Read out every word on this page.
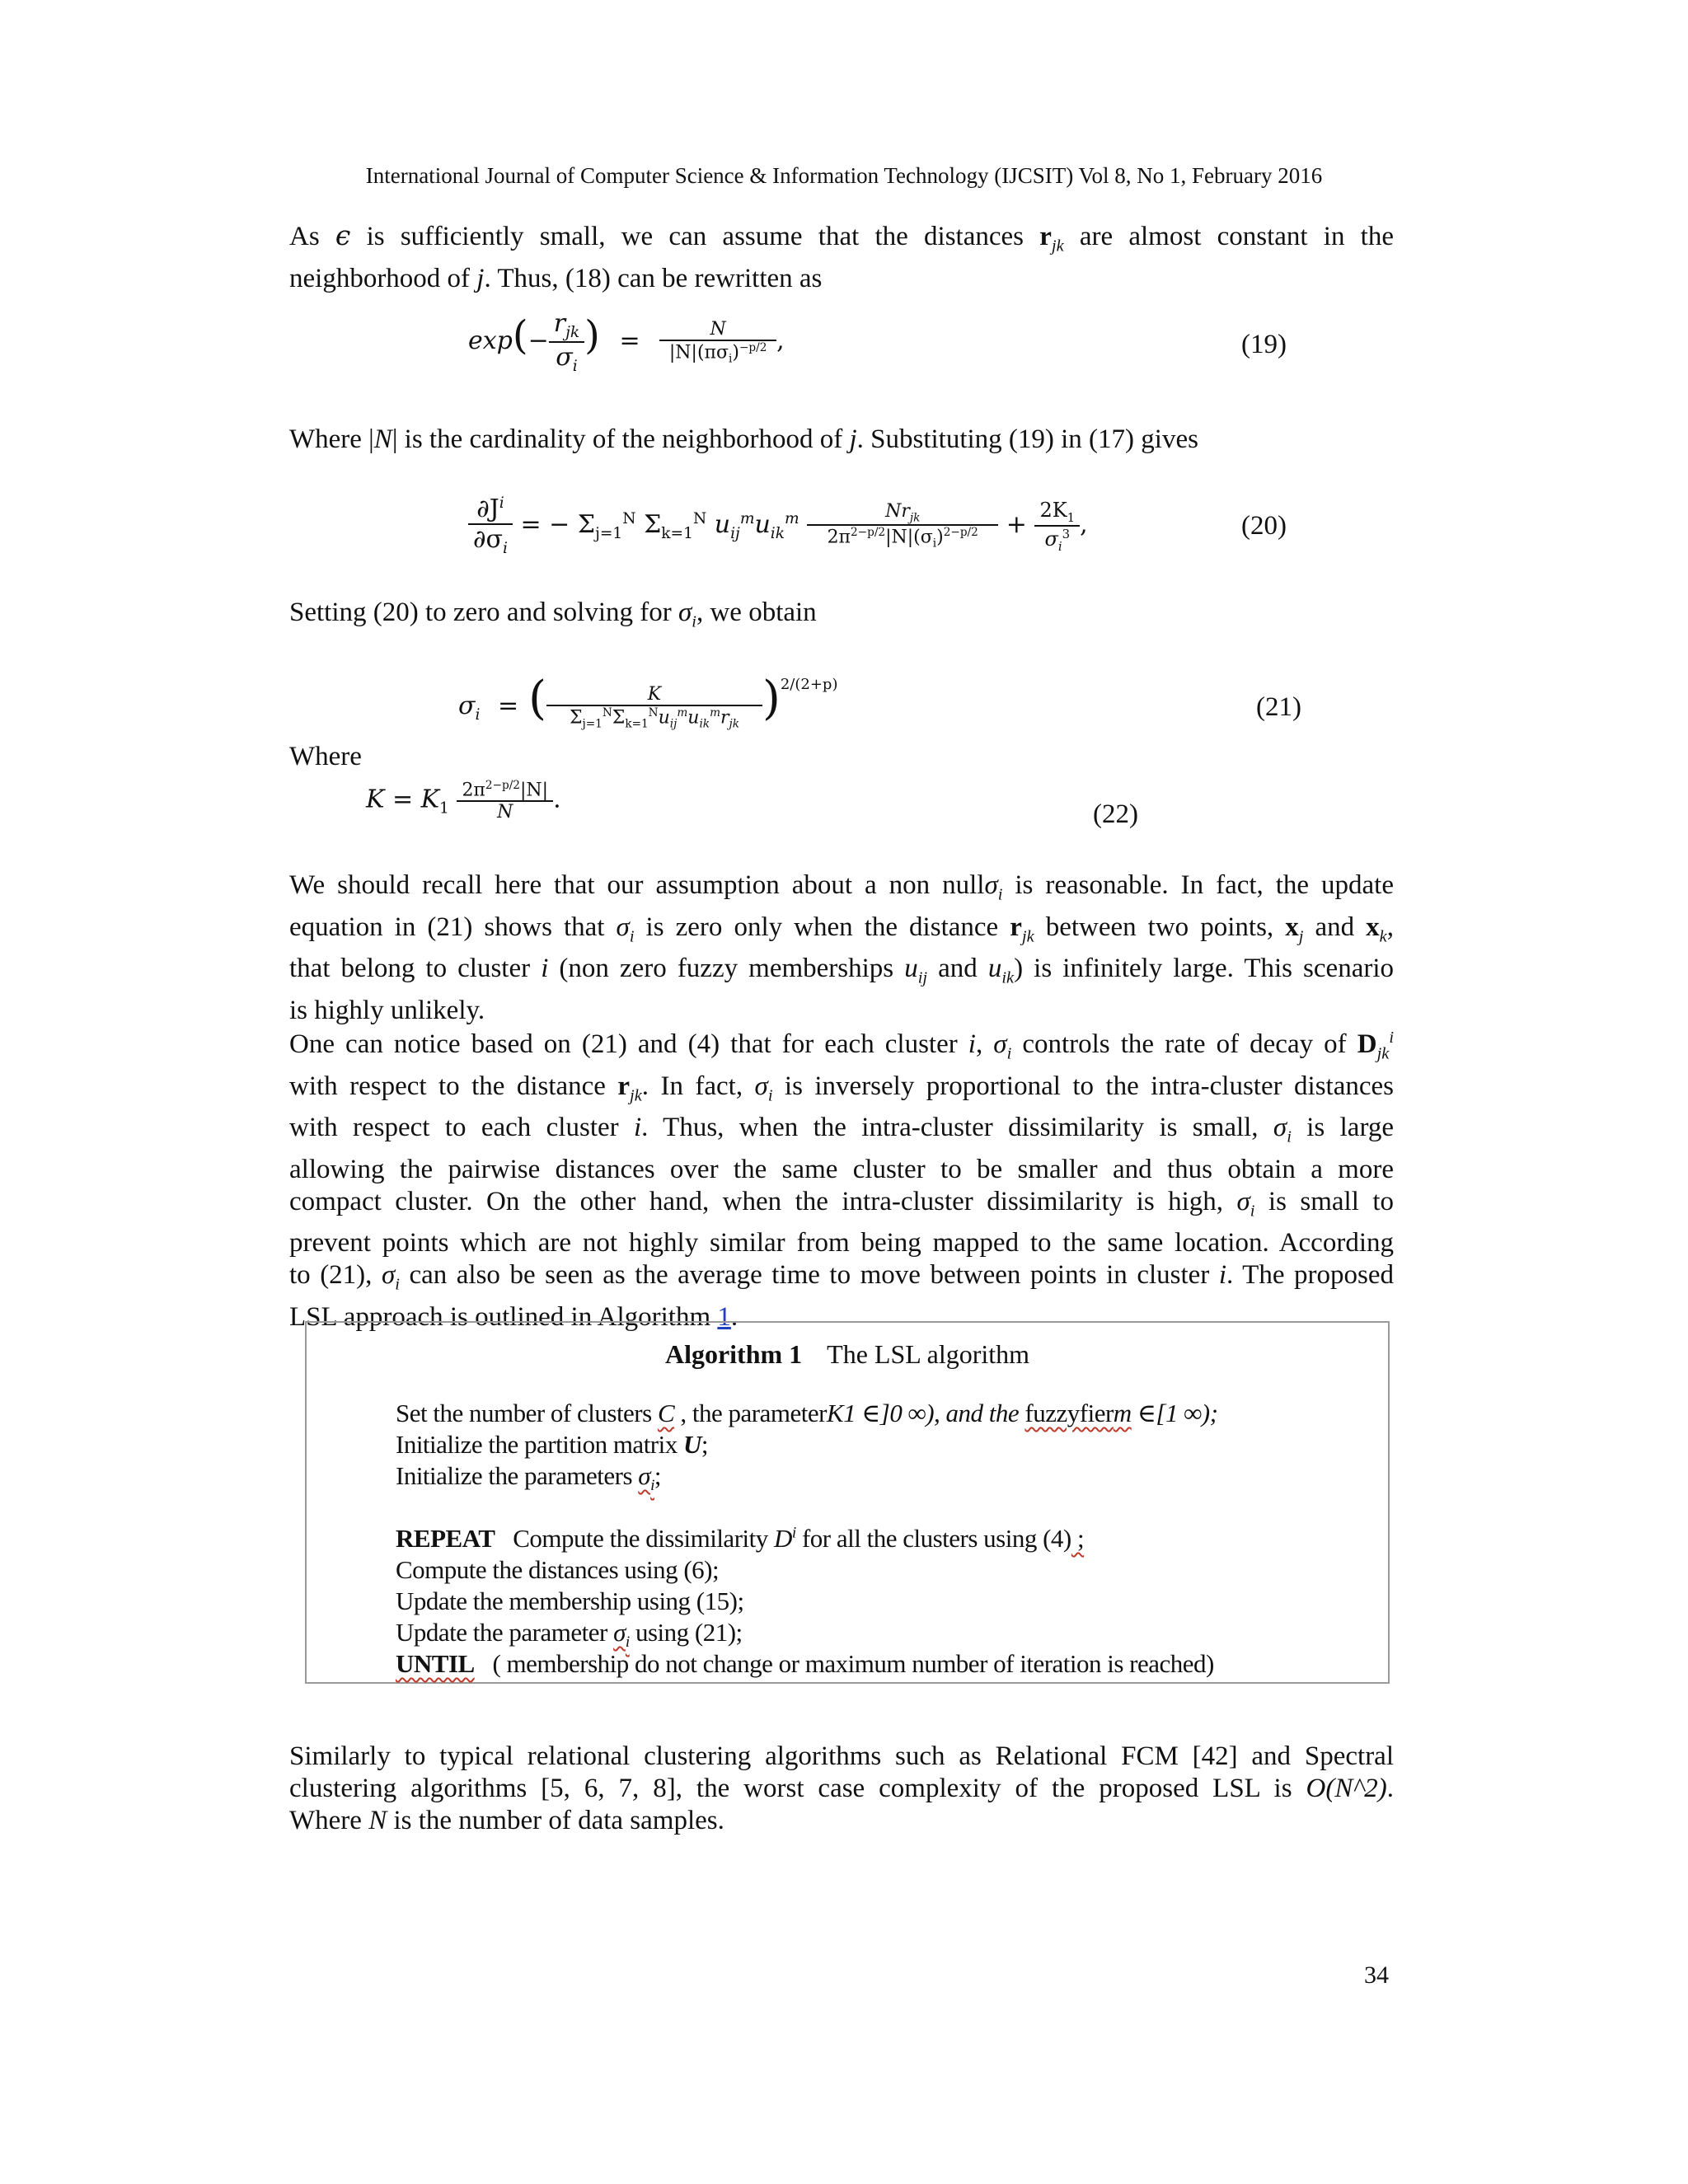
International Journal of Computer Science & Information Technology (IJCSIT) Vol 8, No 1, February 2016
As ϵ is sufficiently small, we can assume that the distances $r_{jk}$ are almost constant in the
neighborhood of j. Thus, (18) can be rewritten as
$\exp(- \frac{r_{jk}}{\sigma_i}$ ) = $\frac{N}{|N|(\pi\sigma_i)^{-p/2}}$ ,	(19)
Where |N| is the cardinality of the neighborhood of j. Substituting (19) in (17) gives
$\frac{\partial J^i}{\partial\sigma_i}$ = − $\Sigma_{j=1}^N$ $\Sigma_{k=1}^N$ $u_{ij}^mu_{ik}^m \frac{Nr_{jk}}{2\pi^{2-p/2}|N|(\sigma_i)^{2-p/2}} + \frac{2K_1}{\sigma_i^3}$ ,	(20)
Setting (20) to zero and solving for $\sigma_i$, we obtain
$\sigma_i$ = ( $\frac{K}{\Sigma_{j=1}^N\Sigma_{k=1}^Nu_{ij}^mu_{ik}^mr_{jk}} )^{2/(2+p)}$
(21)
Where
$K = K_1 \frac{2\pi^{2-p/2}|N|}{N}$ .	(22)
We should recall here that our assumption about a non nullσ$_i$ is reasonable. In fact, the update
equation in (21) shows that $\sigma_i$ is zero only when the distance $r_{jk}$ between two points, $x_j$ and $x_k$,
that belong to cluster i (non zero fuzzy memberships $u_{ij}$ and $u_{ik}$) is infinitely large. This scenario
is highly unlikely.
One can notice based on (21) and (4) that for each cluster i, $\sigma_i$ controls the rate of decay of $D_{jk}^i$
with respect to the distance $r_{jk}$. In fact, $\sigma_i$ is inversely proportional to the intra-cluster distances
with respect to each cluster i. Thus, when the intra-cluster dissimilarity is small, $\sigma_i$ is large
allowing the pairwise distances over the same cluster to be smaller and thus obtain a more
compact cluster. On the other hand, when the intra-cluster dissimilarity is high, $\sigma_i$ is small to
prevent points which are not highly similar from being mapped to the same location. According
to (21), $\sigma_i$ can also be seen as the average time to move between points in cluster i. The proposed
LSL approach is outlined in Algorithm 1.
Algorithm 1 The LSL algorithm
Set the number of clusters C , the parameterK1 ∈]0 ∞), and the fuzzyfierm ∈[1 ∞);
Initialize the partition matrix U;
Initialize the parameters $\sigma_i$;
REPEAT   Compute the dissimilarity $D^i$ for all the clusters using (4) ;
Compute the distances using (6);
Update the membership using (15);
Update the parameter $\sigma_i$ using (21);
UNTIL   ( membership do not change or maximum number of iteration is reached)
Similarly to typical relational clustering algorithms such as Relational FCM [42] and Spectral
clustering algorithms [5, 6, 7, 8], the worst case complexity of the proposed LSL is O(N^2).
Where N is the number of data samples.
34
